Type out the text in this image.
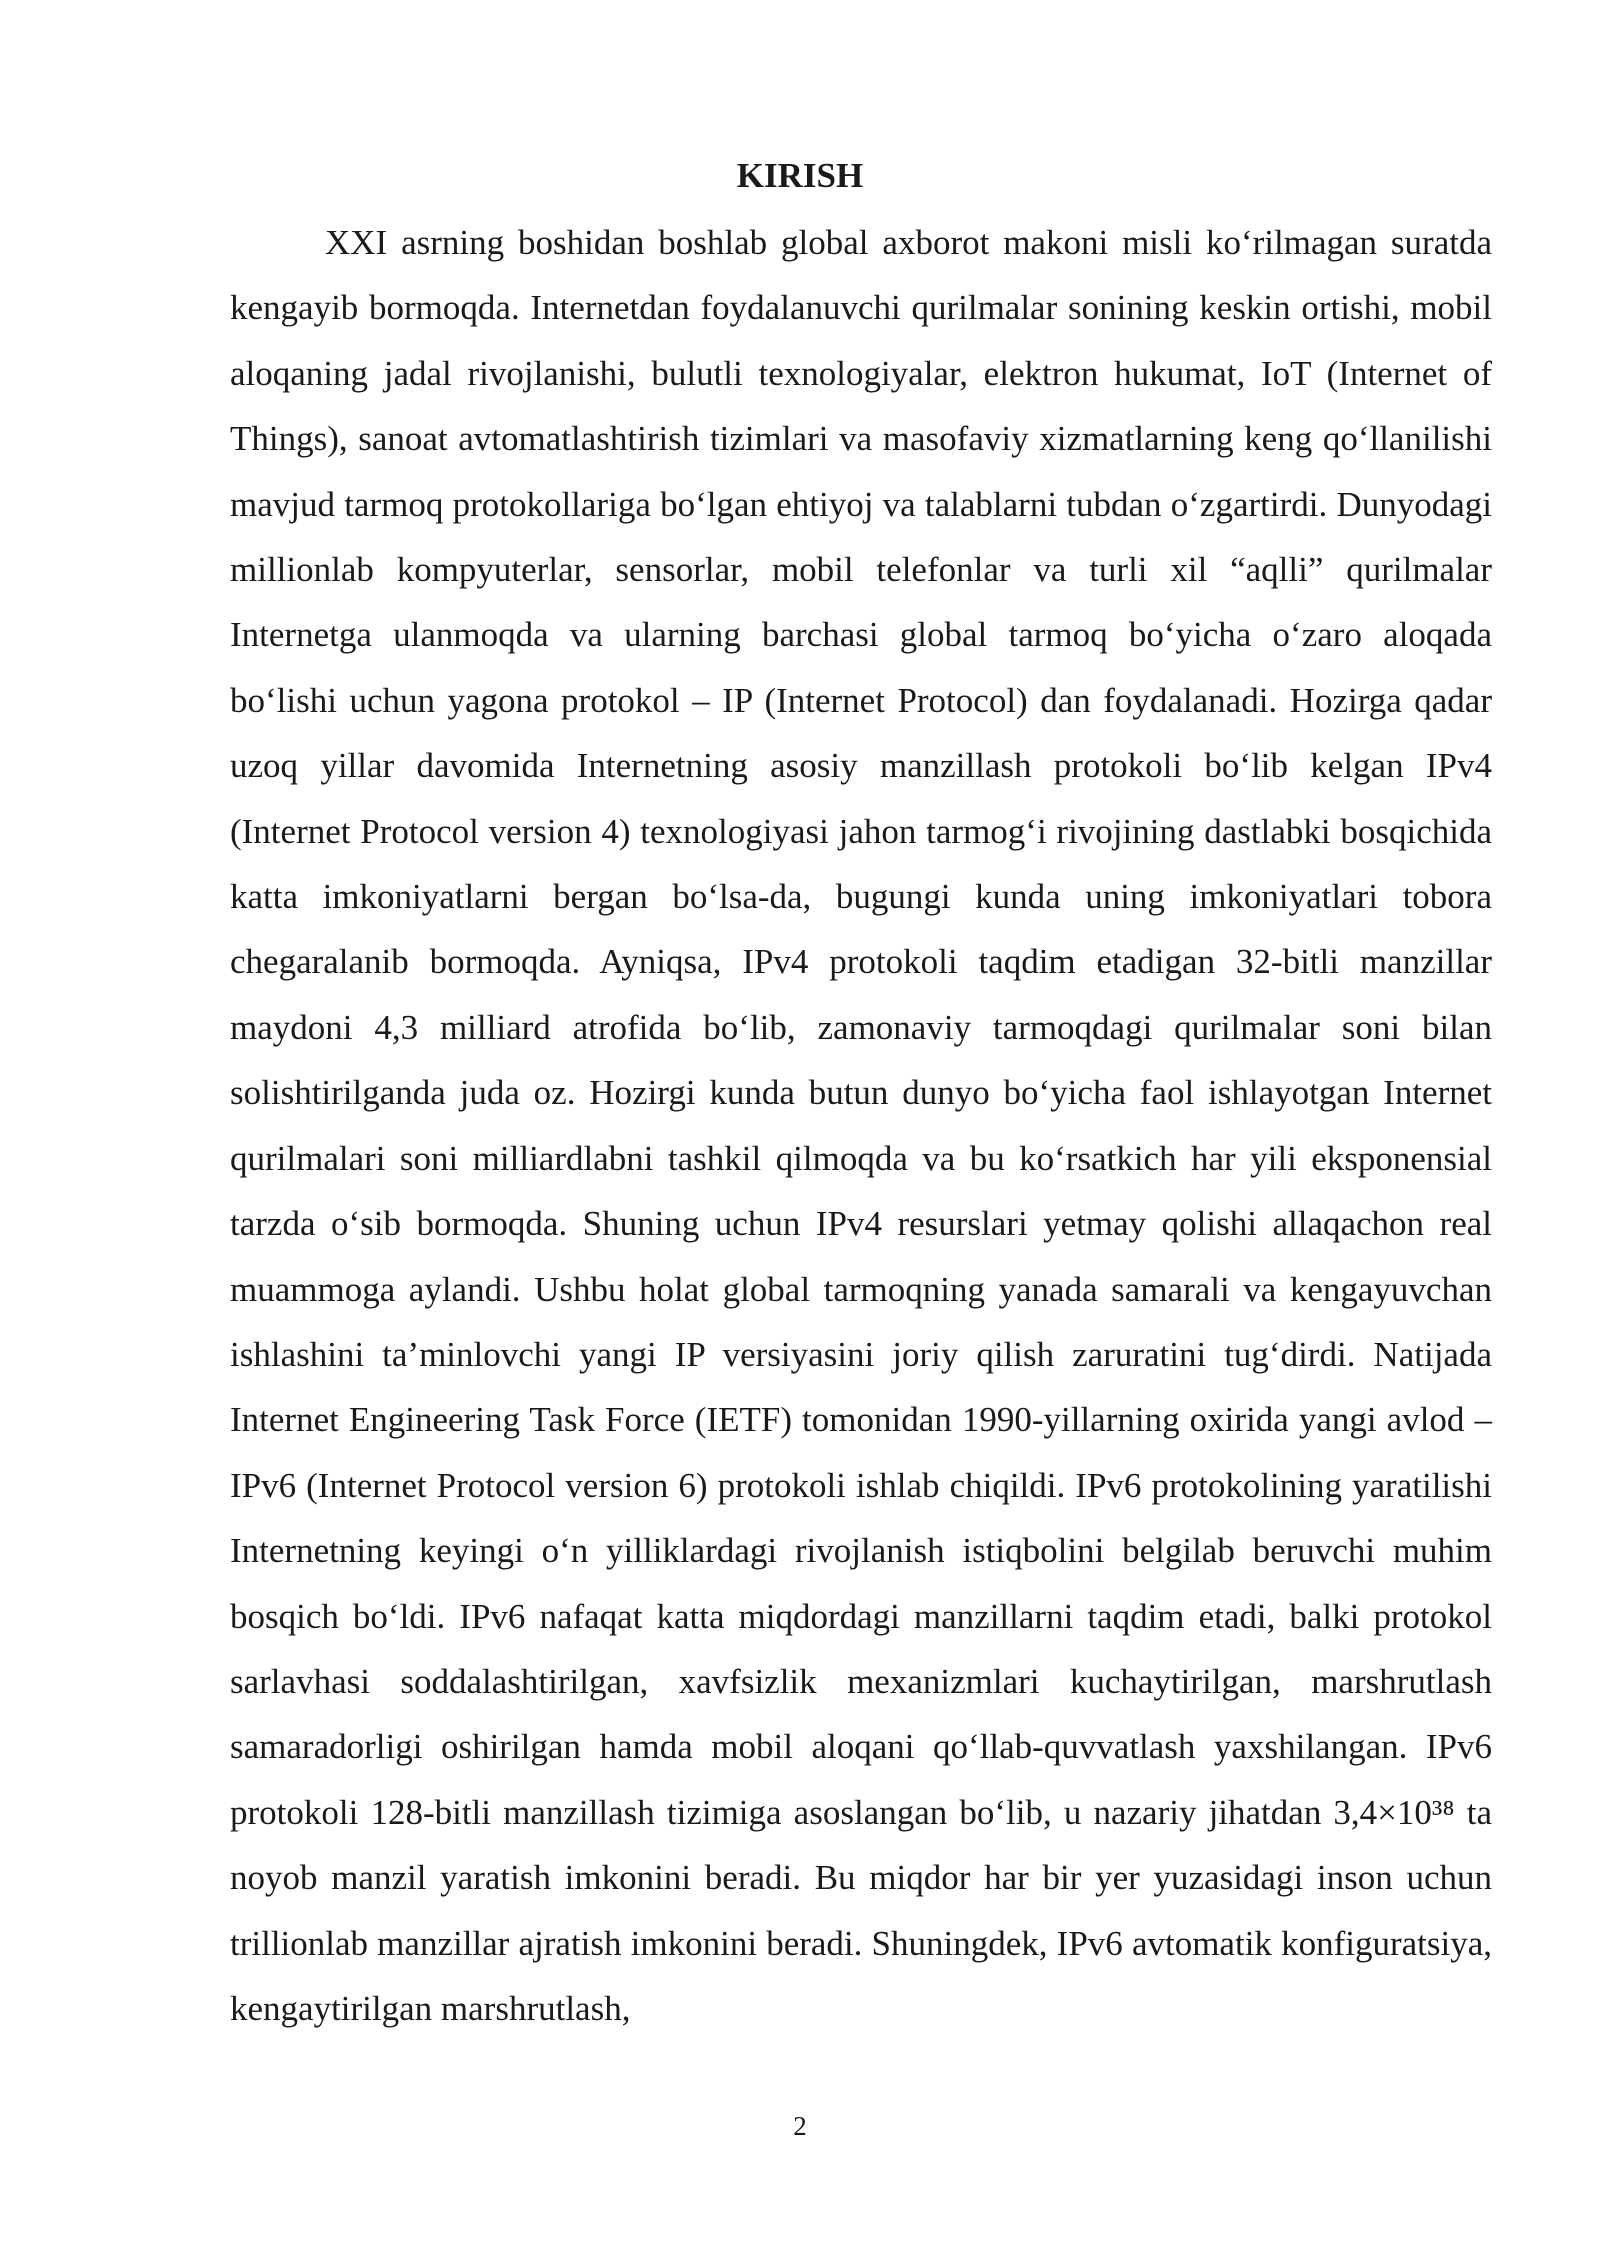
KIRISH

XXI asrning boshidan boshlab global axborot makoni misli ko‘rilmagan suratda kengayib bormoqda. Internetdan foydalanuvchi qurilmalar sonining keskin ortishi, mobil aloqaning jadal rivojlanishi, bulutli texnologiyalar, elektron hukumat, IoT (Internet of Things), sanoat avtomatlashtirish tizimlari va masofaviy xizmatlarning keng qo‘llanilishi mavjud tarmoq protokollariga bo‘lgan ehtiyoj va talablarni tubdan o‘zgartirdi. Dunyodagi millionlab kompyuterlar, sensorlar, mobil telefonlar va turli xil “aqlli” qurilmalar Internetga ulanmoqda va ularning barchasi global tarmoq bo‘yicha o‘zaro aloqada bo‘lishi uchun yagona protokol – IP (Internet Protocol) dan foydalanadi. Hozirga qadar uzoq yillar davomida Internetning asosiy manzillash protokoli bo‘lib kelgan IPv4 (Internet Protocol version 4) texnologiyasi jahon tarmog‘i rivojining dastlabki bosqichida katta imkoniyatlarni bergan bo‘lsa-da, bugungi kunda uning imkoniyatlari tobora chegaralanib bormoqda. Ayniqsa, IPv4 protokoli taqdim etadigan 32-bitli manzillar maydoni 4,3 milliard atrofida bo‘lib, zamonaviy tarmoqdagi qurilmalar soni bilan solishtirilganda juda oz. Hozirgi kunda butun dunyo bo‘yicha faol ishlayotgan Internet qurilmalari soni milliardlabni tashkil qilmoqda va bu ko‘rsatkich har yili eksponensial tarzda o‘sib bormoqda. Shuning uchun IPv4 resurslari yetmay qolishi allaqachon real muammoga aylandi. Ushbu holat global tarmoqning yanada samarali va kengayuvchan ishlashini ta’minlovchi yangi IP versiyasini joriy qilish zaruratini tug‘dirdi. Natijada Internet Engineering Task Force (IETF) tomonidan 1990-yillarning oxirida yangi avlod – IPv6 (Internet Protocol version 6) protokoli ishlab chiqildi. IPv6 protokolining yaratilishi Internetning keyingi o‘n yilliklardagi rivojlanish istiqbolini belgilab beruvchi muhim bosqich bo‘ldi. IPv6 nafaqat katta miqdordagi manzillarni taqdim etadi, balki protokol sarlavhasi soddalashtirilgan, xavfsizlik mexanizmlari kuchaytirilgan, marshrutlash samaradorligi oshirilgan hamda mobil aloqani qo‘llab-quvvatlash yaxshilangan. IPv6 protokoli 128-bitli manzillash tizimiga asoslangan bo‘lib, u nazariy jihatdan 3,4×10³⁸ ta noyob manzil yaratish imkonini beradi. Bu miqdor har bir yer yuzasidagi inson uchun trillionlab manzillar ajratish imkonini beradi. Shuningdek, IPv6 avtomatik konfiguratsiya, kengaytirilgan marshrutlash,

2
